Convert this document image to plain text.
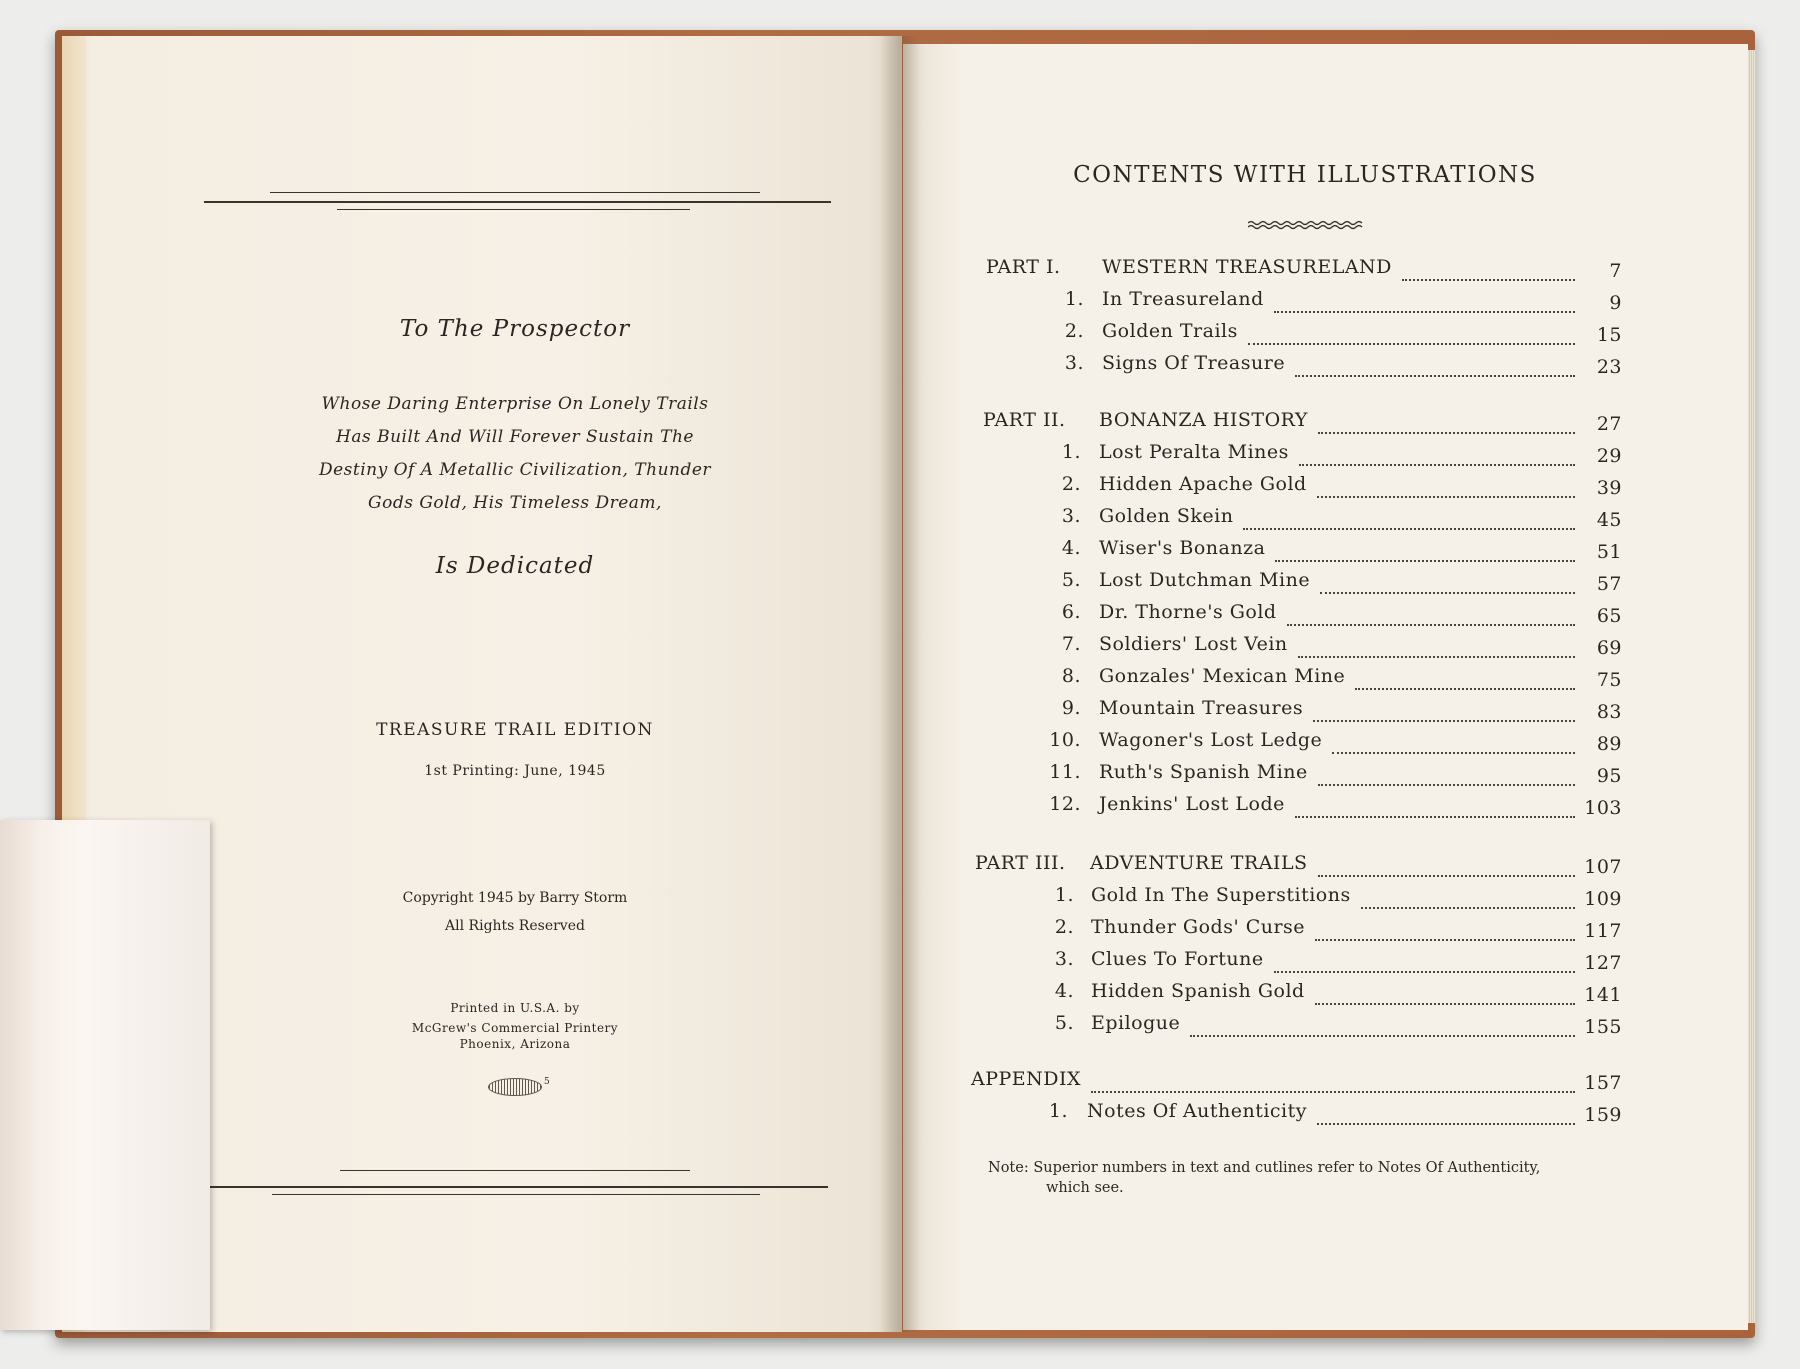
To The Prospector
Whose Daring Enterprise On Lonely Trails
Has Built And Will Forever Sustain The
Destiny Of A Metallic Civilization, Thunder
Gods Gold, His Timeless Dream,
Is Dedicated
TREASURE TRAIL EDITION
1st Printing: June, 1945
Copyright 1945 by Barry Storm
All Rights Reserved
Printed in U.S.A. by
McGrew's Commercial Printery
Phoenix, Arizona
5
CONTENTS WITH ILLUSTRATIONS
PART I. WESTERN TREASURELAND	7
1. In Treasureland	9
2. Golden Trails	15
3. Signs Of Treasure	23
PART II. BONANZA HISTORY	27
1. Lost Peralta Mines	29
2. Hidden Apache Gold	39
3. Golden Skein	45
4. Wiser's Bonanza	51
5. Lost Dutchman Mine	57
6. Dr. Thorne's Gold	65
7. Soldiers' Lost Vein	69
8. Gonzales' Mexican Mine	75
9. Mountain Treasures	83
10. Wagoner's Lost Ledge	89
11. Ruth's Spanish Mine	95
12. Jenkins' Lost Lode	103
PART III. ADVENTURE TRAILS	107
1. Gold In The Superstitions	109
2. Thunder Gods' Curse	117
3. Clues To Fortune	127
4. Hidden Spanish Gold	141
5. Epilogue	155
APPENDIX	157
1. Notes Of Authenticity	159
Note: Superior numbers in text and cutlines refer to Notes Of Authenticity,
which see.
